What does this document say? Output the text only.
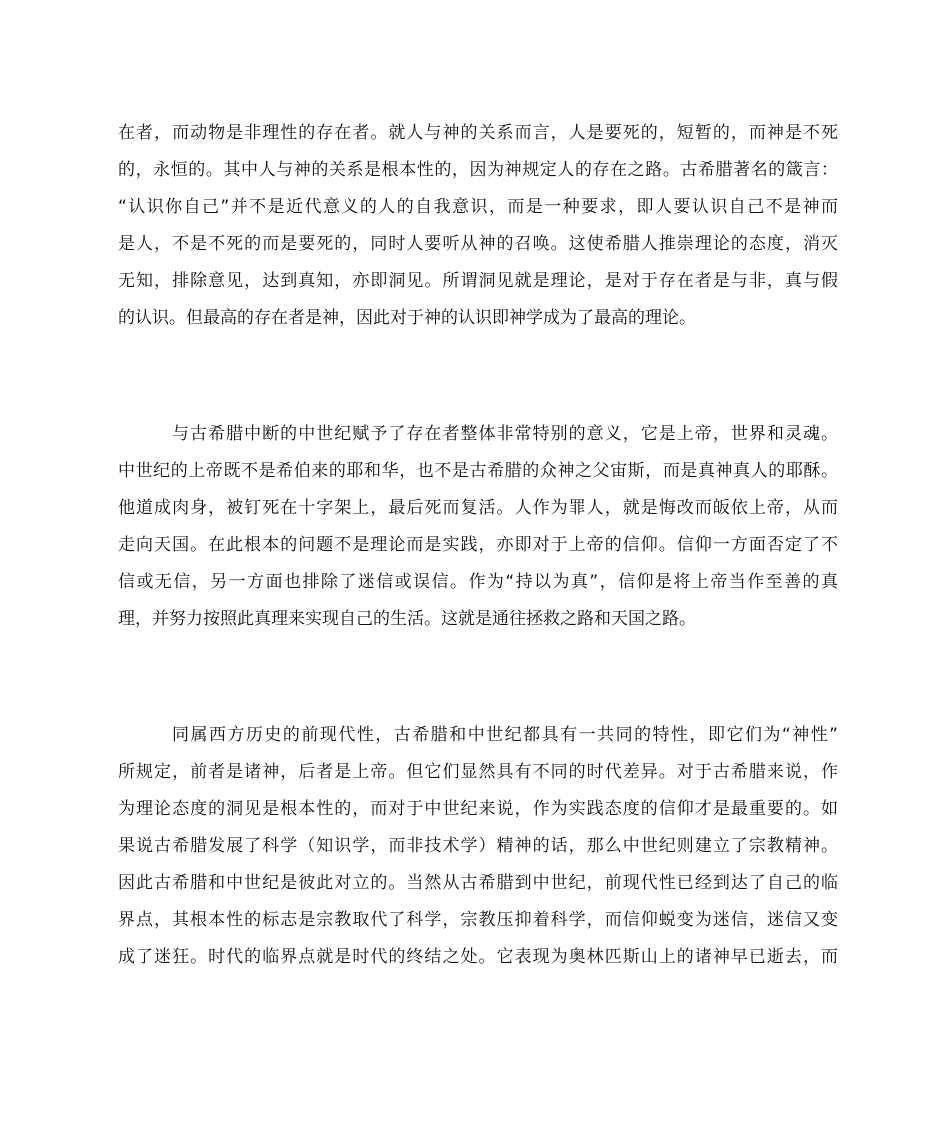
在者，而动物是非理性的存在者。就人与神的关系而言，人是要死的，短暂的，而神是不死
的，永恒的。其中人与神的关系是根本性的，因为神规定人的存在之路。古希腊著名的箴言：
“认识你自己”并不是近代意义的人的自我意识，而是一种要求，即人要认识自己不是神而
是人，不是不死的而是要死的，同时人要听从神的召唤。这使希腊人推崇理论的态度，消灭
无知，排除意见，达到真知，亦即洞见。所谓洞见就是理论，是对于存在者是与非，真与假
的认识。但最高的存在者是神，因此对于神的认识即神学成为了最高的理论。
与古希腊中断的中世纪赋予了存在者整体非常特别的意义，它是上帝，世界和灵魂。
中世纪的上帝既不是希伯来的耶和华，也不是古希腊的众神之父宙斯，而是真神真人的耶酥。
他道成肉身，被钉死在十字架上，最后死而复活。人作为罪人，就是悔改而皈依上帝，从而
走向天国。在此根本的问题不是理论而是实践，亦即对于上帝的信仰。信仰一方面否定了不
信或无信，另一方面也排除了迷信或误信。作为“持以为真”，信仰是将上帝当作至善的真
理，并努力按照此真理来实现自己的生活。这就是通往拯救之路和天国之路。
同属西方历史的前现代性，古希腊和中世纪都具有一共同的特性，即它们为“神性”
所规定，前者是诸神，后者是上帝。但它们显然具有不同的时代差异。对于古希腊来说，作
为理论态度的洞见是根本性的，而对于中世纪来说，作为实践态度的信仰才是最重要的。如
果说古希腊发展了科学（知识学，而非技术学）精神的话，那么中世纪则建立了宗教精神。
因此古希腊和中世纪是彼此对立的。当然从古希腊到中世纪，前现代性已经到达了自己的临
界点，其根本性的标志是宗教取代了科学，宗教压抑着科学，而信仰蜕变为迷信，迷信又变
成了迷狂。时代的临界点就是时代的终结之处。它表现为奥林匹斯山上的诸神早已逝去，而
